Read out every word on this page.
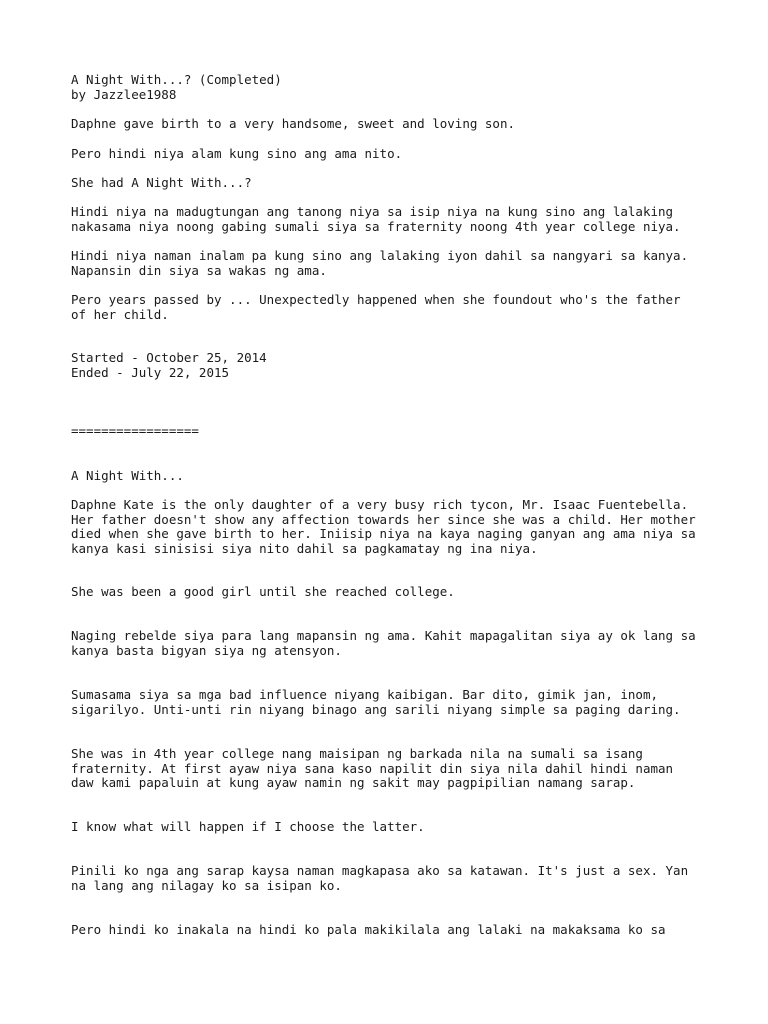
A Night With...? (Completed)

by Jazzlee1988

Daphne gave birth to a very handsome, sweet and loving son.

Pero hindi niya alam kung sino ang ama nito.

She had A Night With...?

Hindi niya na madugtungan ang tanong niya sa isip niya na kung sino ang lalaking

nakasama niya noong gabing sumali siya sa fraternity noong 4th year college niya.

Hindi niya naman inalam pa kung sino ang lalaking iyon dahil sa nangyari sa kanya.

Napansin din siya sa wakas ng ama.

Pero years passed by ... Unexpectedly happened when she foundout who's the father

of her child.

Started - October 25, 2014

Ended - July 22, 2015

=================

A Night With...

Daphne Kate is the only daughter of a very busy rich tycon, Mr. Isaac Fuentebella.

Her father doesn't show any affection towards her since she was a child. Her mother

died when she gave birth to her. Iniisip niya na kaya naging ganyan ang ama niya sa

kanya kasi sinisisi siya nito dahil sa pagkamatay ng ina niya.

She was been a good girl until she reached college.

Naging rebelde siya para lang mapansin ng ama. Kahit mapagalitan siya ay ok lang sa

kanya basta bigyan siya ng atensyon.

Sumasama siya sa mga bad influence niyang kaibigan. Bar dito, gimik jan, inom,

sigarilyo. Unti-unti rin niyang binago ang sarili niyang simple sa paging daring.

She was in 4th year college nang maisipan ng barkada nila na sumali sa isang

fraternity. At first ayaw niya sana kaso napilit din siya nila dahil hindi naman

daw kami papaluin at kung ayaw namin ng sakit may pagpipilian namang sarap.

I know what will happen if I choose the latter.

Pinili ko nga ang sarap kaysa naman magkapasa ako sa katawan. It's just a sex. Yan

na lang ang nilagay ko sa isipan ko.

Pero hindi ko inakala na hindi ko pala makikilala ang lalaki na makaksama ko sa
